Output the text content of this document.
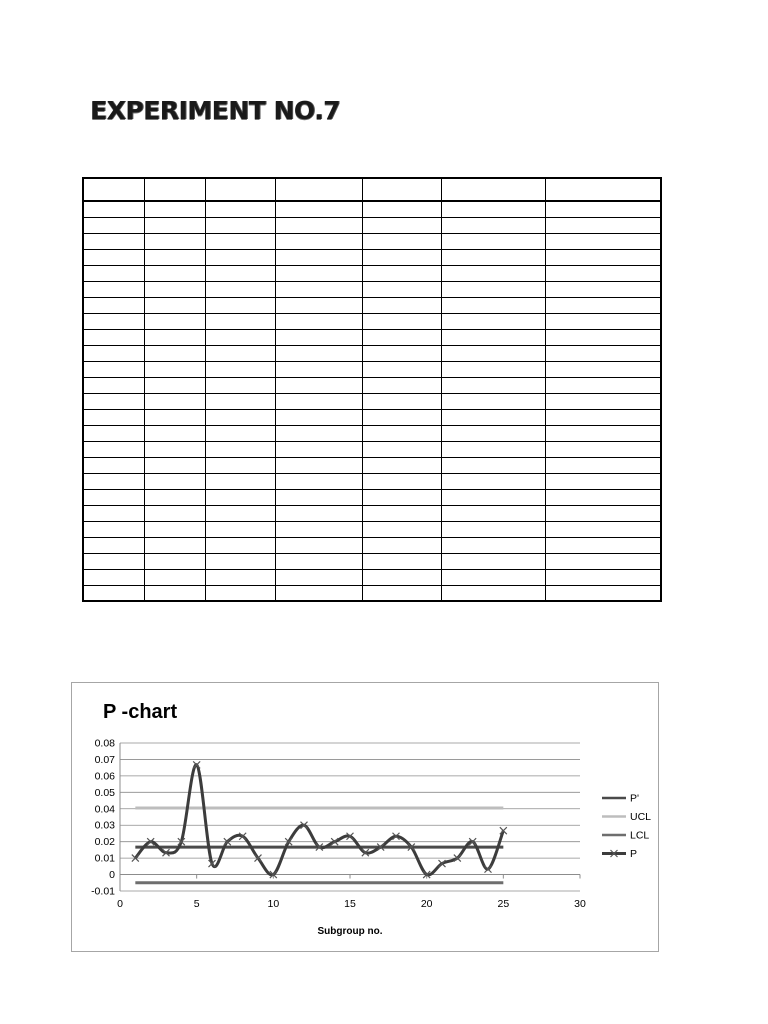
EXPERIMENT NO.7

P -chart
-0.01
0
0.01
0.02
0.03
0.04
0.05
0.06
0.07
0.08
0	5	10	15	20	25	30
Subgroup no.
P'
UCL
LCL
P
